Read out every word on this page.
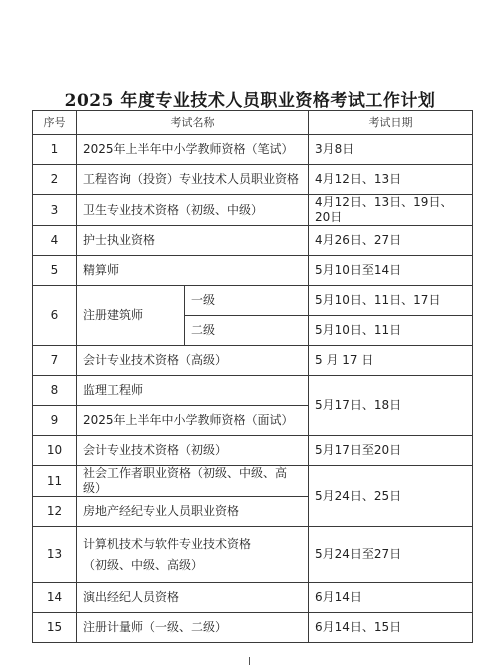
2025 年度专业技术人员职业资格考试工作计划
序号	考试名称		考试日期
1	2025年上半年中小学教师资格（笔试）		3月8日
2	工程咨询（投资）专业技术人员职业资格		4月12日、13日
3	卫生专业技术资格（初级、中级）		4月12日、13日、19日、20日
4	护士执业资格		4月26日、27日
5	精算师		5月10日至14日
6	注册建筑师	一级	5月10日、11日、17日
		二级	5月10日、11日
7	会计专业技术资格（高级）		5 月 17 日
8	监理工程师		5月17日、18日
9	2025年上半年中小学教师资格（面试）		
10	会计专业技术资格（初级）		5月17日至20日
11	社会工作者职业资格（初级、中级、高级）		5月24日、25日
12	房地产经纪专业人员职业资格		
13	计算机技术与软件专业技术资格
（初级、中级、高级）		5月24日至27日
14	演出经纪人员资格		6月14日
15	注册计量师（一级、二级）		6月14日、15日
